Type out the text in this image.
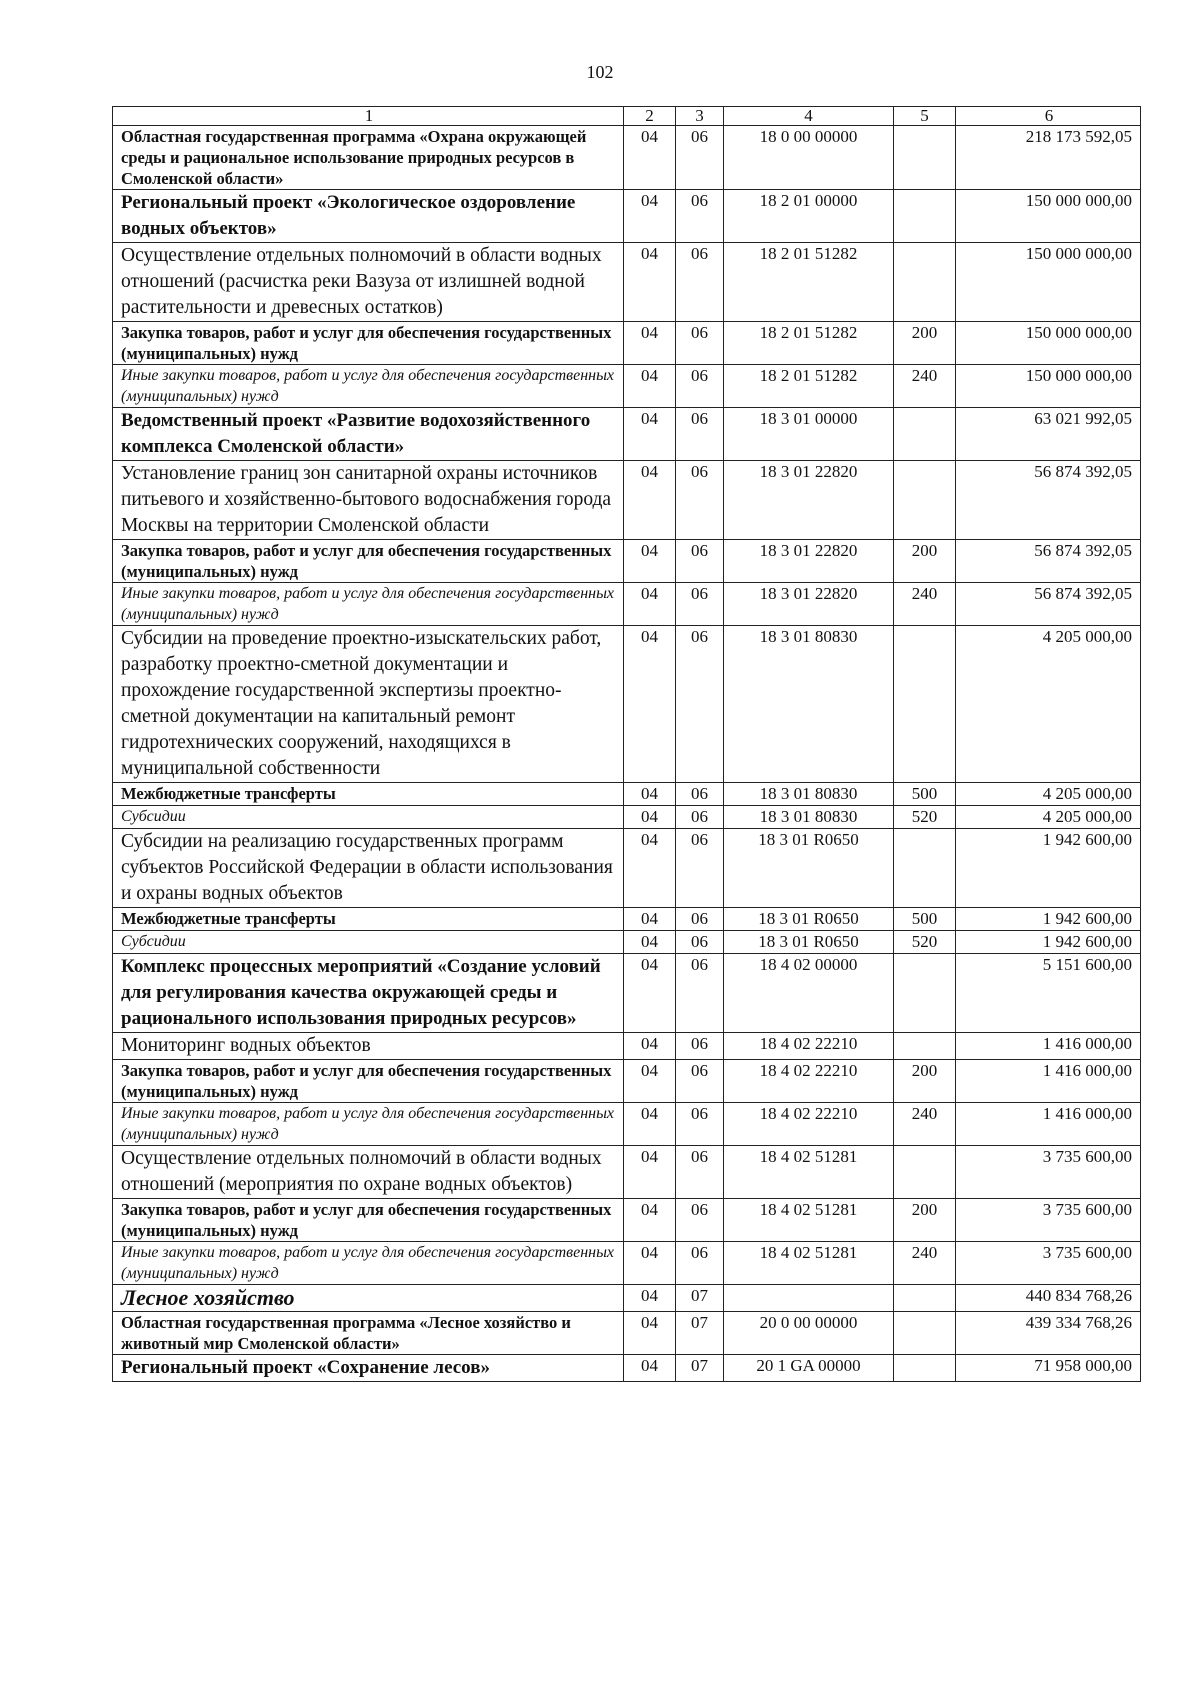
102
1	2	3	4	5	6
Областная государственная программа «Охрана окружающей среды и рациональное использование природных ресурсов в Смоленской области»	04	06	18 0 00 00000		218 173 592,05
Региональный проект «Экологическое оздоровление водных объектов»	04	06	18 2 01 00000		150 000 000,00
Осуществление отдельных полномочий в области водных отношений (расчистка реки Вазуза от излишней водной растительности и древесных остатков)	04	06	18 2 01 51282		150 000 000,00
Закупка товаров, работ и услуг для обеспечения государственных (муниципальных) нужд	04	06	18 2 01 51282	200	150 000 000,00
Иные закупки товаров, работ и услуг для обеспечения государственных (муниципальных) нужд	04	06	18 2 01 51282	240	150 000 000,00
Ведомственный проект «Развитие водохозяйственного комплекса Смоленской области»	04	06	18 3 01 00000		63 021 992,05
Установление границ зон санитарной охраны источников питьевого и хозяйственно-бытового водоснабжения города Москвы на территории Смоленской области	04	06	18 3 01 22820		56 874 392,05
Закупка товаров, работ и услуг для обеспечения государственных (муниципальных) нужд	04	06	18 3 01 22820	200	56 874 392,05
Иные закупки товаров, работ и услуг для обеспечения государственных (муниципальных) нужд	04	06	18 3 01 22820	240	56 874 392,05
Субсидии на проведение проектно-изыскательских работ, разработку проектно-сметной документации и прохождение государственной экспертизы проектно-сметной документации на капитальный ремонт гидротехнических сооружений, находящихся в муниципальной собственности	04	06	18 3 01 80830		4 205 000,00
Межбюджетные трансферты	04	06	18 3 01 80830	500	4 205 000,00
Субсидии	04	06	18 3 01 80830	520	4 205 000,00
Субсидии на реализацию государственных программ субъектов Российской Федерации в области использования и охраны водных объектов	04	06	18 3 01 R0650		1 942 600,00
Межбюджетные трансферты	04	06	18 3 01 R0650	500	1 942 600,00
Субсидии	04	06	18 3 01 R0650	520	1 942 600,00
Комплекс процессных мероприятий «Создание условий для регулирования качества окружающей среды и рационального использования природных ресурсов»	04	06	18 4 02 00000		5 151 600,00
Мониторинг водных объектов	04	06	18 4 02 22210		1 416 000,00
Закупка товаров, работ и услуг для обеспечения государственных (муниципальных) нужд	04	06	18 4 02 22210	200	1 416 000,00
Иные закупки товаров, работ и услуг для обеспечения государственных (муниципальных) нужд	04	06	18 4 02 22210	240	1 416 000,00
Осуществление отдельных полномочий в области водных отношений (мероприятия по охране водных объектов)	04	06	18 4 02 51281		3 735 600,00
Закупка товаров, работ и услуг для обеспечения государственных (муниципальных) нужд	04	06	18 4 02 51281	200	3 735 600,00
Иные закупки товаров, работ и услуг для обеспечения государственных (муниципальных) нужд	04	06	18 4 02 51281	240	3 735 600,00
Лесное хозяйство	04	07			440 834 768,26
Областная государственная программа «Лесное хозяйство и животный мир Смоленской области»	04	07	20 0 00 00000		439 334 768,26
Региональный проект «Сохранение лесов»	04	07	20 1 GA 00000		71 958 000,00
